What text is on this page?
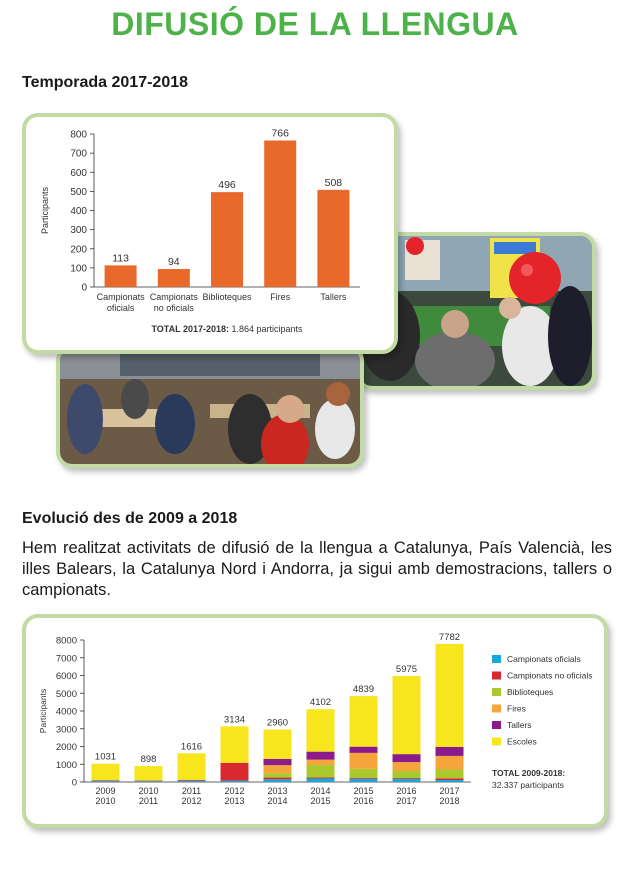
DIFUSIÓ DE LA LLENGUA
Temporada 2017-2018
0
100
200
300
400
500
600
700
800
Participants
113
Campionats
oficials
94
Campionats
no oficials
496
Biblioteques
766
Fires
508
Tallers
TOTAL 2017-2018: 1.864 participants
Evolució des de 2009 a 2018
Hem realitzat activitats de difusió de la llengua a Catalunya, País Valencià, les illes Balears, la Catalunya Nord i Andorra, ja sigui amb demostracions, tallers o campionats.
0
1000
2000
3000
4000
5000
6000
7000
8000
Participants
1031
2009
2010
898
2010
2011
1616
2011
2012
3134
2012
2013
2960
2013
2014
4102
2014
2015
4839
2015
2016
5975
2016
2017
7782
2017
2018
Campionats oficials
Campionats no oficials
Biblioteques
Fires
Tallers
Escoles
TOTAL 2009-2018:
32.337 participants
